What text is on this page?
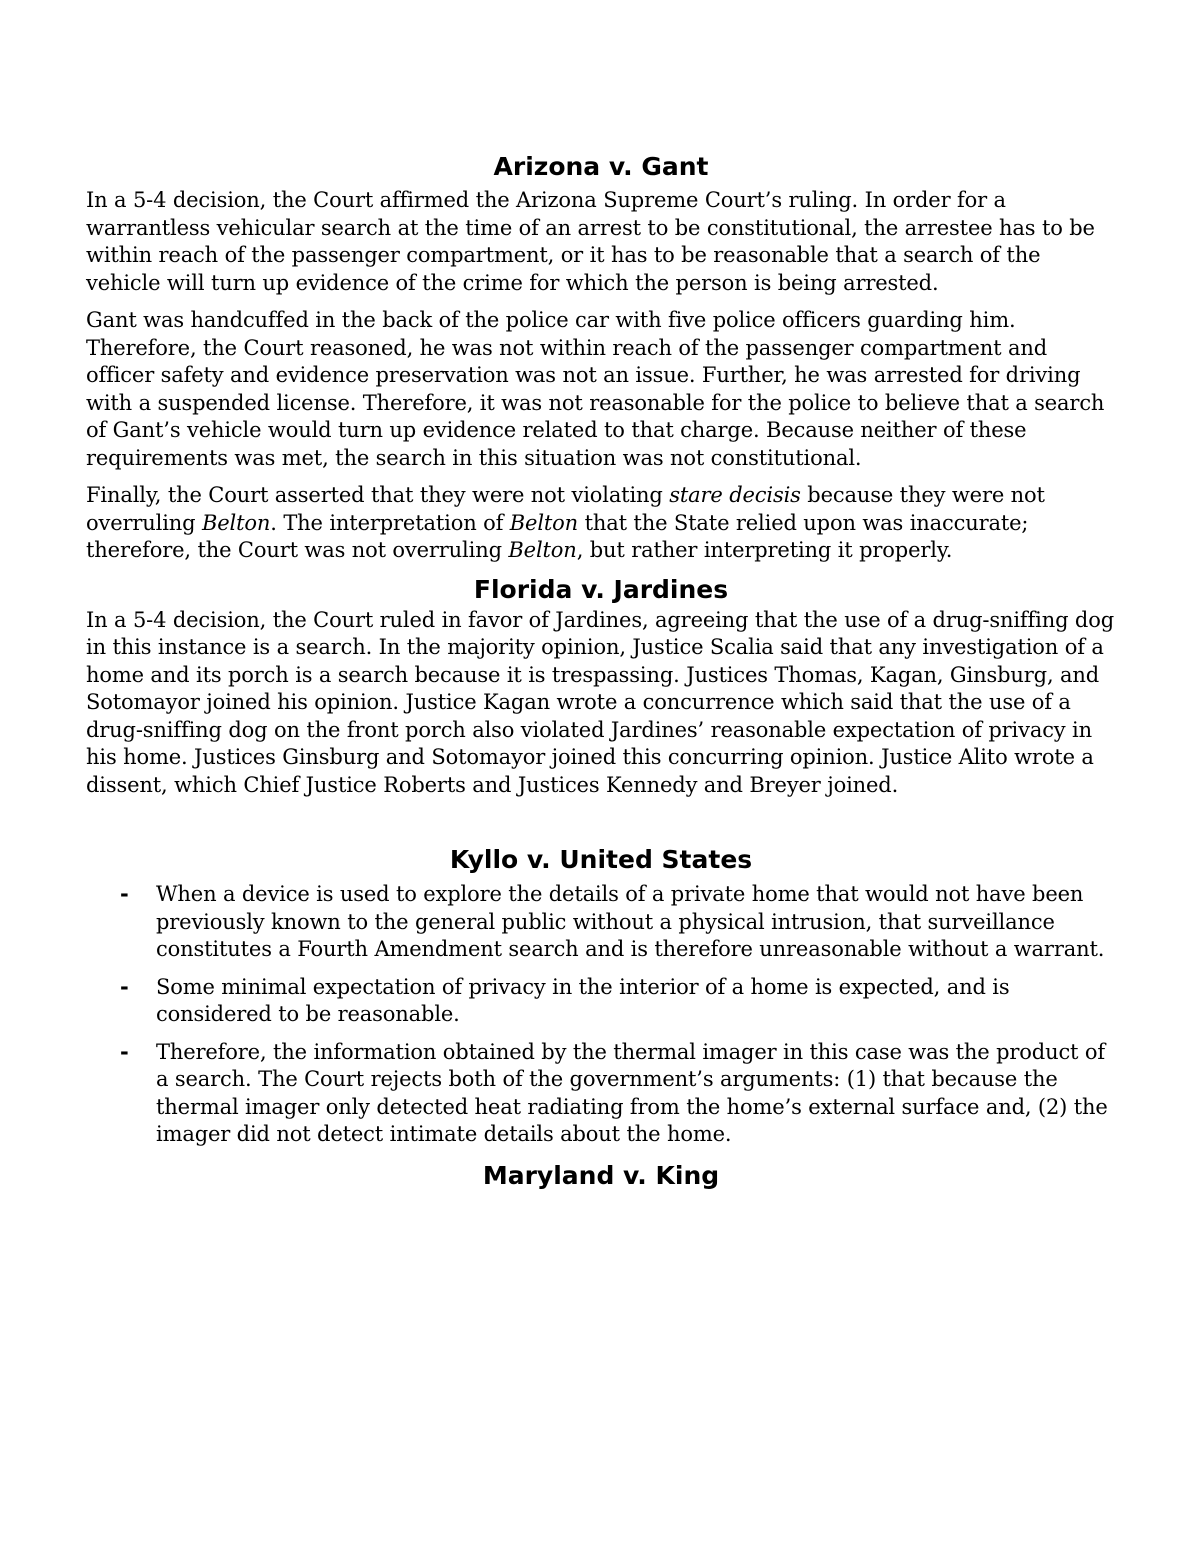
Arizona v. Gant

In a 5-4 decision, the Court affirmed the Arizona Supreme Court’s ruling. In order for a warrantless vehicular search at the time of an arrest to be constitutional, the arrestee has to be within reach of the passenger compartment, or it has to be reasonable that a search of the vehicle will turn up evidence of the crime for which the person is being arrested.

Gant was handcuffed in the back of the police car with five police officers guarding him. Therefore, the Court reasoned, he was not within reach of the passenger compartment and officer safety and evidence preservation was not an issue. Further, he was arrested for driving with a suspended license. Therefore, it was not reasonable for the police to believe that a search of Gant’s vehicle would turn up evidence related to that charge. Because neither of these requirements was met, the search in this situation was not constitutional.

Finally, the Court asserted that they were not violating stare decisis because they were not overruling Belton. The interpretation of Belton that the State relied upon was inaccurate; therefore, the Court was not overruling Belton, but rather interpreting it properly.

Florida v. Jardines

In a 5-4 decision, the Court ruled in favor of Jardines, agreeing that the use of a drug-sniffing dog in this instance is a search. In the majority opinion, Justice Scalia said that any investigation of a home and its porch is a search because it is trespassing. Justices Thomas, Kagan, Ginsburg, and Sotomayor joined his opinion. Justice Kagan wrote a concurrence which said that the use of a drug-sniffing dog on the front porch also violated Jardines’ reasonable expectation of privacy in his home. Justices Ginsburg and Sotomayor joined this concurring opinion. Justice Alito wrote a dissent, which Chief Justice Roberts and Justices Kennedy and Breyer joined.

Kyllo v. United States
- When a device is used to explore the details of a private home that would not have been previously known to the general public without a physical intrusion, that surveillance constitutes a Fourth Amendment search and is therefore unreasonable without a warrant.

- Some minimal expectation of privacy in the interior of a home is expected, and is considered to be reasonable.

- Therefore, the information obtained by the thermal imager in this case was the product of a search. The Court rejects both of the government’s arguments: (1) that because the thermal imager only detected heat radiating from the home’s external surface and, (2) the imager did not detect intimate details about the home.

Maryland v. King
